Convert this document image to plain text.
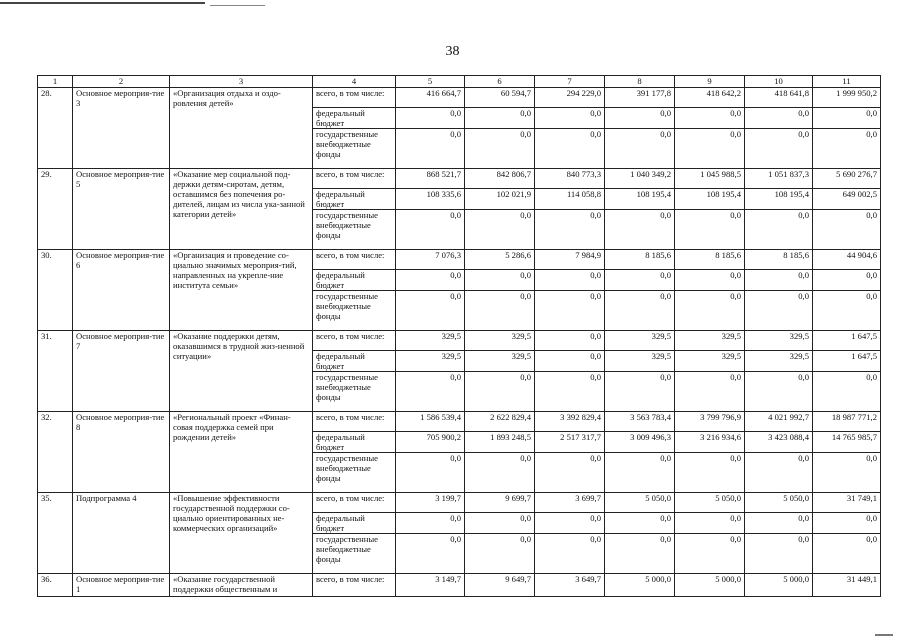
38
1	2	3	4	5	6	7	8	9	10	11
28.	Основное мероприя-тие 3	«Организация отдыха и оздо-ровления детей»	всего, в том числе:	416 664,7	60 594,7	294 229,0	391 177,8	418 642,2	418 641,8	1 999 950,2
			федеральный бюджет	0,0	0,0	0,0	0,0	0,0	0,0	0,0
			государственные внебюджетные фонды	0,0	0,0	0,0	0,0	0,0	0,0	0,0
29.	Основное мероприя-тие 5	«Оказание мер социальной под-держки детям-сиротам, детям, оставшимся без попечения ро-дителей, лицам из числа ука-занной категории детей»	всего, в том числе:	868 521,7	842 806,7	840 773,3	1 040 349,2	1 045 988,5	1 051 837,3	5 690 276,7
			федеральный бюджет	108 335,6	102 021,9	114 058,8	108 195,4	108 195,4	108 195,4	649 002,5
			государственные внебюджетные фонды	0,0	0,0	0,0	0,0	0,0	0,0	0,0
30.	Основное мероприя-тие 6	«Организация и проведение со-циально значимых мероприя-тий, направленных на укрепле-ние института семьи»	всего, в том числе:	7 076,3	5 286,6	7 984,9	8 185,6	8 185,6	8 185,6	44 904,6
			федеральный бюджет	0,0	0,0	0,0	0,0	0,0	0,0	0,0
			государственные внебюджетные фонды	0,0	0,0	0,0	0,0	0,0	0,0	0,0
31.	Основное мероприя-тие 7	«Оказание поддержки детям, оказавшимся в трудной жиз-ненной ситуации»	всего, в том числе:	329,5	329,5	0,0	329,5	329,5	329,5	1 647,5
			федеральный бюджет	329,5	329,5	0,0	329,5	329,5	329,5	1 647,5
			государственные внебюджетные фонды	0,0	0,0	0,0	0,0	0,0	0,0	0,0
32.	Основное мероприя-тие 8	«Региональный проект «Финан-совая поддержка семей при рождении детей»	всего, в том числе:	1 586 539,4	2 622 829,4	3 392 829,4	3 563 783,4	3 799 796,9	4 021 992,7	18 987 771,2
			федеральный бюджет	705 900,2	1 893 248,5	2 517 317,7	3 009 496,3	3 216 934,6	3 423 088,4	14 765 985,7
			государственные внебюджетные фонды	0,0	0,0	0,0	0,0	0,0	0,0	0,0
35.	Подпрограмма 4	«Повышение эффективности государственной поддержки со-циально ориентированных не-коммерческих организаций»	всего, в том числе:	3 199,7	9 699,7	3 699,7	5 050,0	5 050,0	5 050,0	31 749,1
			федеральный бюджет	0,0	0,0	0,0	0,0	0,0	0,0	0,0
			государственные внебюджетные фонды	0,0	0,0	0,0	0,0	0,0	0,0	0,0
36.	Основное мероприя-тие 1	«Оказание государственной поддержки общественным и	всего, в том числе:	3 149,7	9 649,7	3 649,7	5 000,0	5 000,0	5 000,0	31 449,1
